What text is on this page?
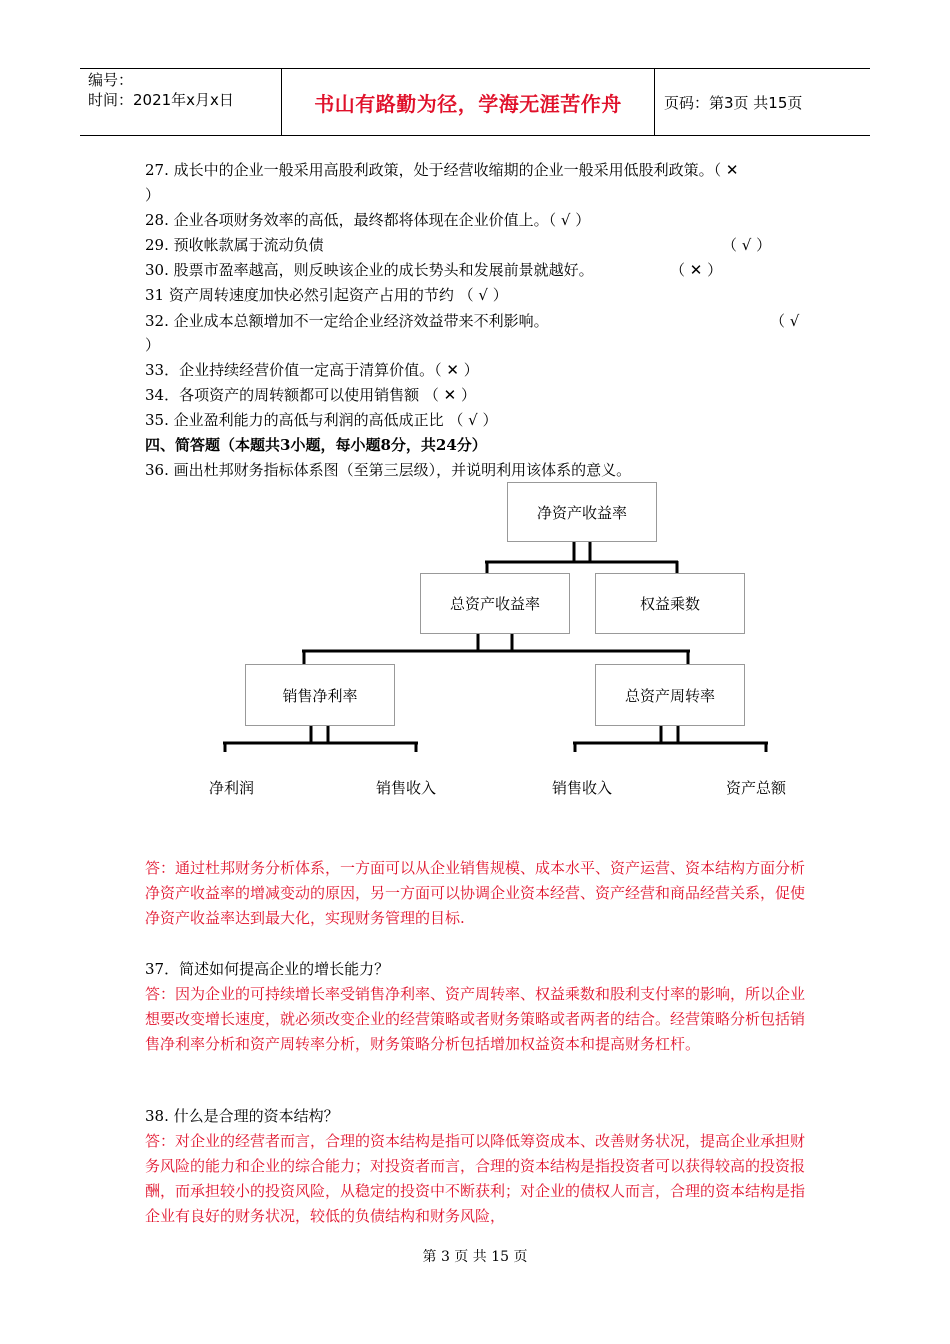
编号：
时间：2021年x月x日	书山有路勤为径，学海无涯苦作舟	页码：第3页 共15页
27. 成长中的企业一般采用高股利政策，处于经营收缩期的企业一般采用低股利政策。（ ✕
）
28. 企业各项财务效率的高低，最终都将体现在企业价值上。（ √ ）
29. 预收帐款属于流动负债	（ √ ）
30. 股票市盈率越高，则反映该企业的成长势头和发展前景就越好。	（ ✕ ）
31 资产周转速度加快必然引起资产占用的节约 （ √ ）
32. 企业成本总额增加不一定给企业经济效益带来不利影响。	（ √
）
33．企业持续经营价值一定高于清算价值。（ ✕ ）
34．各项资产的周转额都可以使用销售额 （ ✕ ）
35. 企业盈利能力的高低与利润的高低成正比 （ √ ）
四、简答题（本题共3小题，每小题8分，共24分）
36. 画出杜邦财务指标体系图（至第三层级），并说明利用该体系的意义。
净资产收益率
总资产收益率	权益乘数
销售净利率	总资产周转率
净利润	销售收入	销售收入	资产总额
答：通过杜邦财务分析体系，一方面可以从企业销售规模、成本水平、资产运营、资本结构方面分析净资产收益率的增减变动的原因，另一方面可以协调企业资本经营、资产经营和商品经营关系，促使净资产收益率达到最大化，实现财务管理的目标.
37．简述如何提高企业的增长能力？
答：因为企业的可持续增长率受销售净利率、资产周转率、权益乘数和股利支付率的影响，所以企业想要改变增长速度，就必须改变企业的经营策略或者财务策略或者两者的结合。经营策略分析包括销售净利率分析和资产周转率分析，财务策略分析包括增加权益资本和提高财务杠杆。
38. 什么是合理的资本结构？
答：对企业的经营者而言，合理的资本结构是指可以降低筹资成本、改善财务状况，提高企业承担财务风险的能力和企业的综合能力；对投资者而言，合理的资本结构是指投资者可以获得较高的投资报酬，而承担较小的投资风险，从稳定的投资中不断获利；对企业的债权人而言，合理的资本结构是指企业有良好的财务状况，较低的负债结构和财务风险，
第 3 页 共 15 页
